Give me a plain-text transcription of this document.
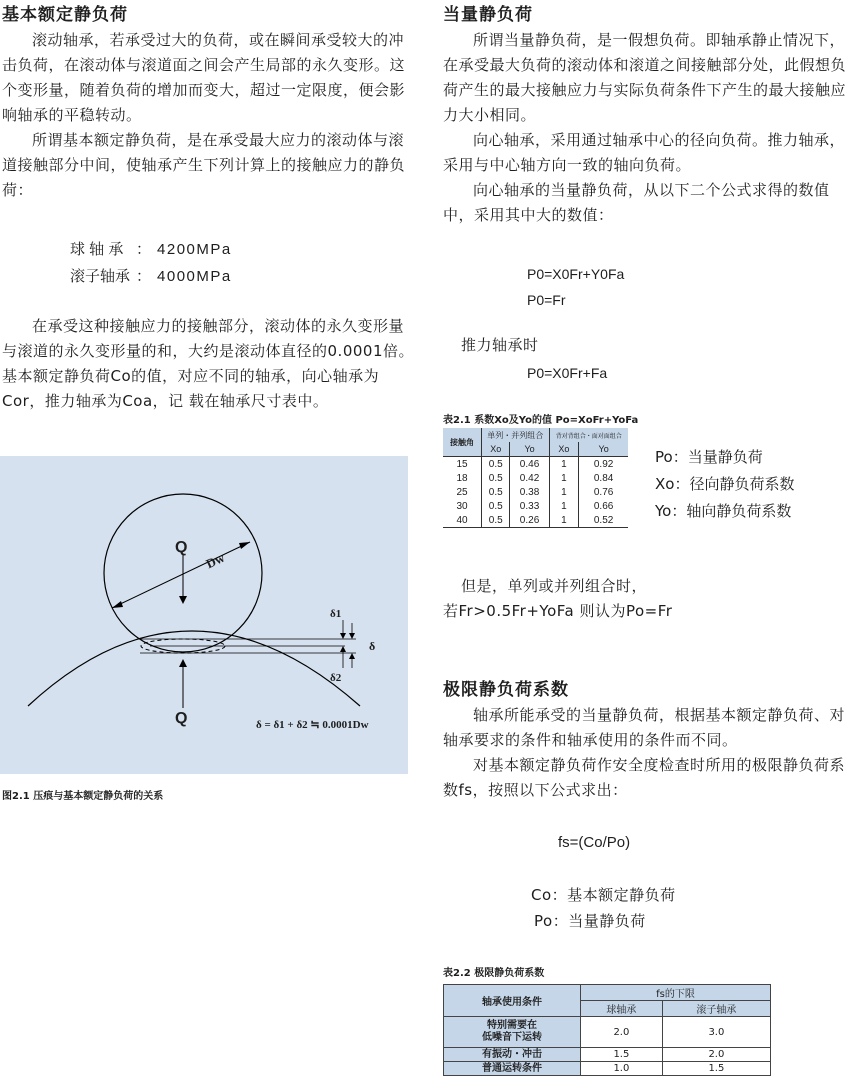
基本额定静负荷

滚动轴承，若承受过大的负荷，或在瞬间承受较大的冲击负荷，在滚动体与滚道面之间会产生局部的永久变形。这个变形量，随着负荷的增加而变大，超过一定限度，便会影响轴承的平稳转动。

所谓基本额定静负荷，是在承受最大应力的滚动体与滚道接触部分中间，使轴承产生下列计算上的接触应力的静负荷：

球 轴 承 ： 4200MPa
滚子轴承 ： 4000MPa

在承受这种接触应力的接触部分，滚动体的永久变形量与滚道的永久变形量的和，大约是滚动体直径的0.0001倍。基本额定静负荷Co的值，对应不同的轴承，向心轴承为Cor，推力轴承为Coa，记 载在轴承尺寸表中。

Q
Q
Dw
δ1
δ2
δ
δ = δ1 + δ2 ≒ 0.0001Dw
图2.1 压痕与基本额定静负荷的关系
当量静负荷

所谓当量静负荷，是一假想负荷。即轴承静止情况下，在承受最大负荷的滚动体和滚道之间接触部分处，此假想负荷产生的最大接触应力与实际负荷条件下产生的最大接触应力大小相同。

向心轴承，采用通过轴承中心的径向负荷。推力轴承，采用与中心轴方向一致的轴向负荷。

向心轴承的当量静负荷，从以下二个公式求得的数值中，采用其中大的数值：

P0=X0Fr+Y0Fa
P0=Fr
推力轴承时
P0=X0Fr+Fa
表2.1 系数Xo及Yo的值 Po=XoFr+YoFa
接触角	单列・并列组合		背对背组合・面对面组合	
	Xo	Yo	Xo	Yo
15	0.5	0.46	1	0.92
18	0.5	0.42	1	0.84
25	0.5	0.38	1	0.76
30	0.5	0.33	1	0.66
40	0.5	0.26	1	0.52
Po：当量静负荷
Xo：径向静负荷系数
Yo：轴向静负荷系数
但是，单列或并列组合时，
若Fr>0.5Fr+YoFa 则认为Po=Fr
极限静负荷系数

轴承所能承受的当量静负荷，根据基本额定静负荷、对轴承要求的条件和轴承使用的条件而不同。

对基本额定静负荷作安全度检查时所用的极限静负荷系数fs，按照以下公式求出：

fs=(Co/Po)
Co：基本额定静负荷
Po：当量静负荷
表2.2 极限静负荷系数
轴承使用条件	fs的下限	
	球轴承	滚子轴承
特别需要在
低噪音下运转	2.0	3.0
有振动・冲击	1.5	2.0
普通运转条件	1.0	1.5
